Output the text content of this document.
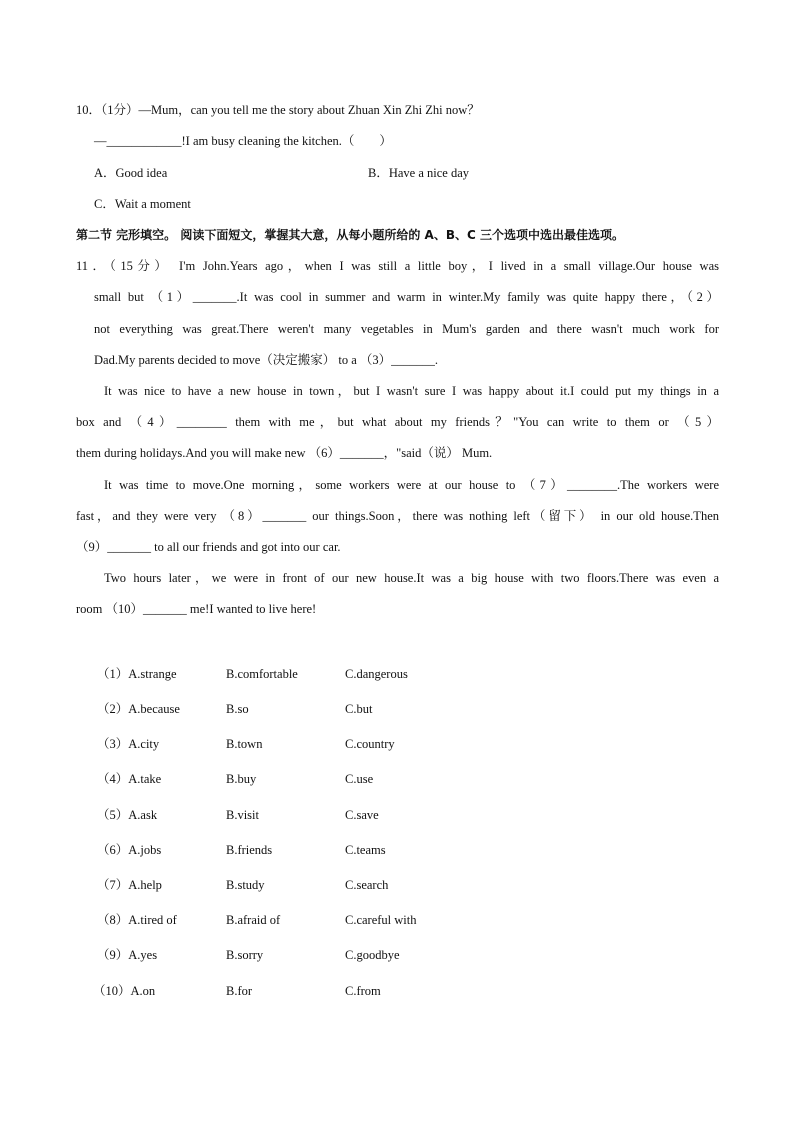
10．（1分）—Mum，can you tell me the story about Zhuan Xin Zhi Zhi now？
—____________!I am busy cleaning the kitchen.（　　）
A．Good idea	B．Have a nice day
C．Wait a moment
第二节 完形填空。 阅读下面短文，掌握其大意，从每小题所给的 A、B、C 三个选项中选出最佳选项。
11．（15分） I'm John.Years ago，when I was still a little boy，I lived in a small village.Our house was
small but （1）_______.It was cool in summer and warm in winter.My family was quite happy there，（2）
not everything was great.There weren't many vegetables in Mum's garden and there wasn't much work for
Dad.My parents decided to move（决定搬家） to a （3）_______.
It was nice to have a new house in town，but I wasn't sure I was happy about it.I could put my things in a
box and （4）________ them with me，but what about my friends？"You can write to them or （5）
them during holidays.And you will make new （6）_______，"said（说） Mum.
It was time to move.One morning，some workers were at our house to （7）________.The workers were
fast，and they were very （8）_______ our things.Soon，there was nothing left（留下） in our old house.Then
（9）_______ to all our friends and got into our car.
Two hours later，we were in front of our new house.It was a big house with two floors.There was even a
room （10）_______ me!I wanted to live here!
（1）A.strange	B.comfortable	C.dangerous
（2）A.because	B.so	C.but
（3）A.city	B.town	C.country
（4）A.take	B.buy	C.use
（5）A.ask	B.visit	C.save
（6）A.jobs	B.friends	C.teams
（7）A.help	B.study	C.search
（8）A.tired of	B.afraid of	C.careful with
（9）A.yes	B.sorry	C.goodbye
（10）A.on	B.for	C.from
